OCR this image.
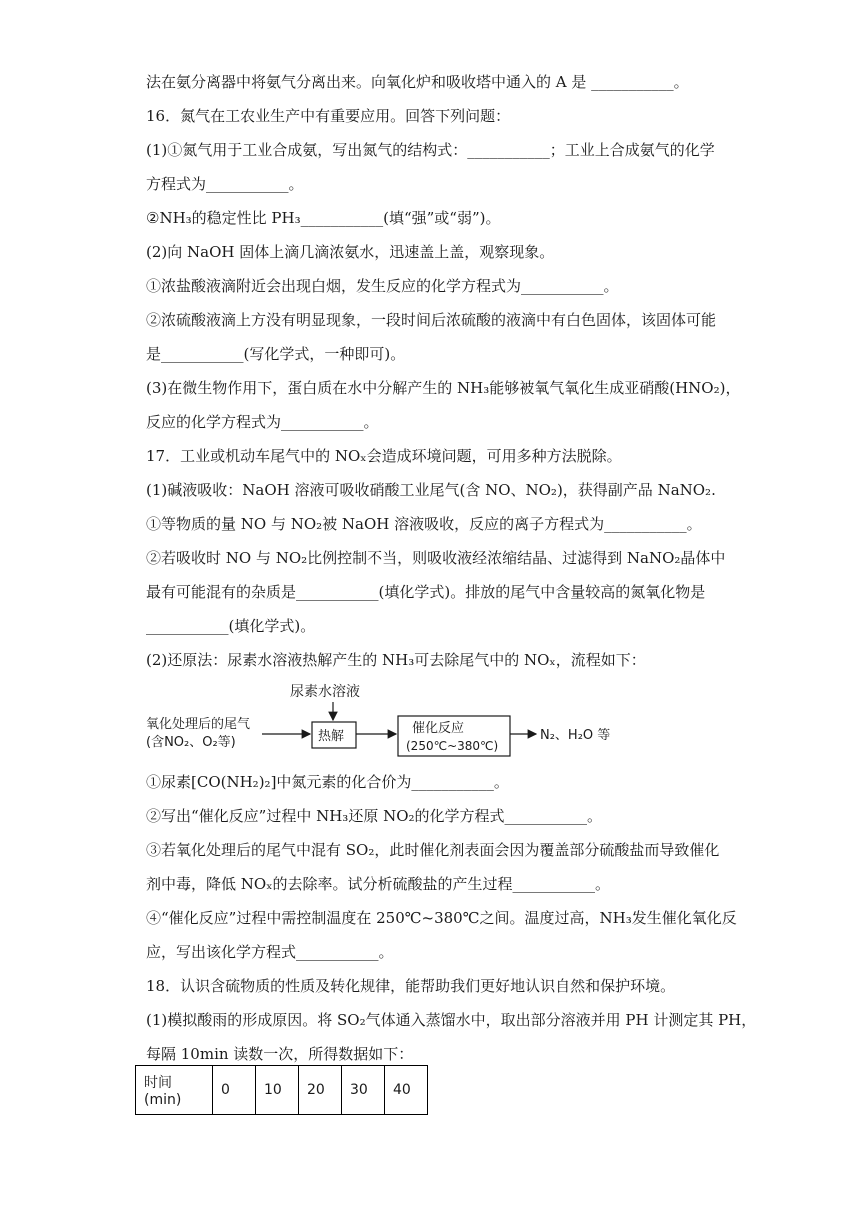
法在氨分离器中将氨气分离出来。向氧化炉和吸收塔中通入的 A 是 ___________。
16．氮气在工农业生产中有重要应用。回答下列问题：
(1)①氮气用于工业合成氨，写出氮气的结构式：___________；工业上合成氨气的化学
方程式为___________。
②NH₃的稳定性比 PH₃___________(填“强”或“弱”)。
(2)向 NaOH 固体上滴几滴浓氨水，迅速盖上盖，观察现象。
①浓盐酸液滴附近会出现白烟，发生反应的化学方程式为___________。
②浓硫酸液滴上方没有明显现象，一段时间后浓硫酸的液滴中有白色固体，该固体可能
是___________(写化学式，一种即可)。
(3)在微生物作用下，蛋白质在水中分解产生的 NH₃能够被氧气氧化生成亚硝酸(HNO₂)，
反应的化学方程式为___________。
17．工业或机动车尾气中的 NOₓ会造成环境问题，可用多种方法脱除。
(1)碱液吸收：NaOH 溶液可吸收硝酸工业尾气(含 NO、NO₂)，获得副产品 NaNO₂.
①等物质的量 NO 与 NO₂被 NaOH 溶液吸收，反应的离子方程式为___________。
②若吸收时 NO 与 NO₂比例控制不当，则吸收液经浓缩结晶、过滤得到 NaNO₂晶体中
最有可能混有的杂质是___________(填化学式)。排放的尾气中含量较高的氮氧化物是
___________(填化学式)。
(2)还原法：尿素水溶液热解产生的 NH₃可去除尾气中的 NOₓ，流程如下：
尿素水溶液
氧化处理后的尾气
(含NO₂、O₂等)	热解
催化反应
(250℃~380℃)
N₂、H₂O 等
①尿素[CO(NH₂)₂]中氮元素的化合价为___________。
②写出“催化反应”过程中 NH₃还原 NO₂的化学方程式___________。
③若氧化处理后的尾气中混有 SO₂，此时催化剂表面会因为覆盖部分硫酸盐而导致催化
剂中毒，降低 NOₓ的去除率。试分析硫酸盐的产生过程___________。
④“催化反应”过程中需控制温度在 250℃~380℃之间。温度过高，NH₃发生催化氧化反
应，写出该化学方程式___________。
18．认识含硫物质的性质及转化规律，能帮助我们更好地认识自然和保护环境。
(1)模拟酸雨的形成原因。将 SO₂气体通入蒸馏水中，取出部分溶液并用 PH 计测定其 PH，
每隔 10min 读数一次，所得数据如下：
时间(min)	0	10	20	30	40
